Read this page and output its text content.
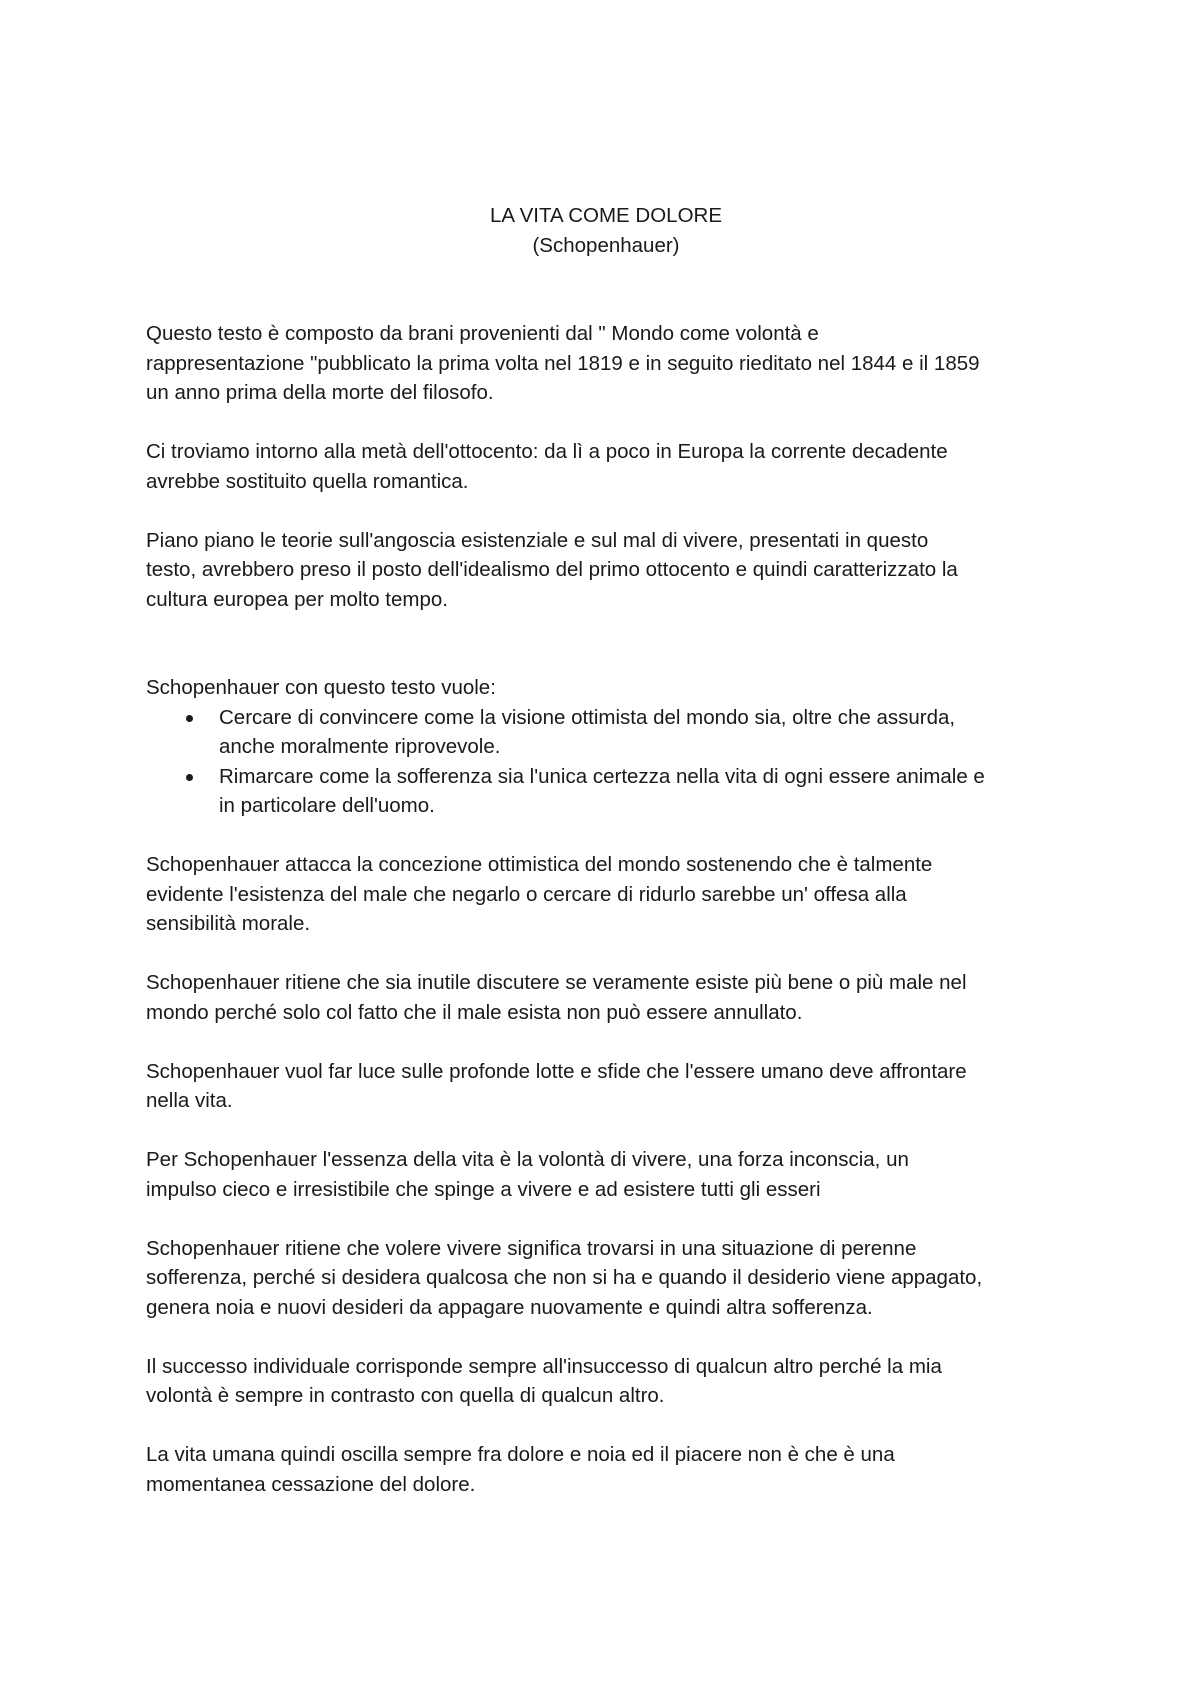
LA VITA COME DOLORE
(Schopenhauer)

Questo testo è composto da brani provenienti dal " Mondo come volontà e
rappresentazione "pubblicato la prima volta nel 1819 e in seguito rieditato nel 1844 e il 1859
un anno prima della morte del filosofo.

Ci troviamo intorno alla metà dell'ottocento: da lì a poco in Europa la corrente decadente
avrebbe sostituito quella romantica.

Piano piano le teorie sull'angoscia esistenziale e sul mal di vivere, presentati in questo
testo, avrebbero preso il posto dell'idealismo del primo ottocento e quindi caratterizzato la
cultura europea per molto tempo.

Schopenhauer con questo testo vuole:
Cercare di convincere come la visione ottimista del mondo sia, oltre che assurda,
anche moralmente riprovevole.
Rimarcare come la sofferenza sia l'unica certezza nella vita di ogni essere animale e
in particolare dell'uomo.

Schopenhauer attacca la concezione ottimistica del mondo sostenendo che è talmente
evidente l'esistenza del male che negarlo o cercare di ridurlo sarebbe un' offesa alla
sensibilità morale.

Schopenhauer ritiene che sia inutile discutere se veramente esiste più bene o più male nel
mondo perché solo col fatto che il male esista non può essere annullato.

Schopenhauer vuol far luce sulle profonde lotte e sfide che l'essere umano deve affrontare
nella vita.

Per Schopenhauer l'essenza della vita è la volontà di vivere, una forza inconscia, un
impulso cieco e irresistibile che spinge a vivere e ad esistere tutti gli esseri

Schopenhauer ritiene che volere vivere significa trovarsi in una situazione di perenne
sofferenza, perché si desidera qualcosa che non si ha e quando il desiderio viene appagato,
genera noia e nuovi desideri da appagare nuovamente e quindi altra sofferenza.

Il successo individuale corrisponde sempre all'insuccesso di qualcun altro perché la mia
volontà è sempre in contrasto con quella di qualcun altro.

La vita umana quindi oscilla sempre fra dolore e noia ed il piacere non è che è una
momentanea cessazione del dolore.
